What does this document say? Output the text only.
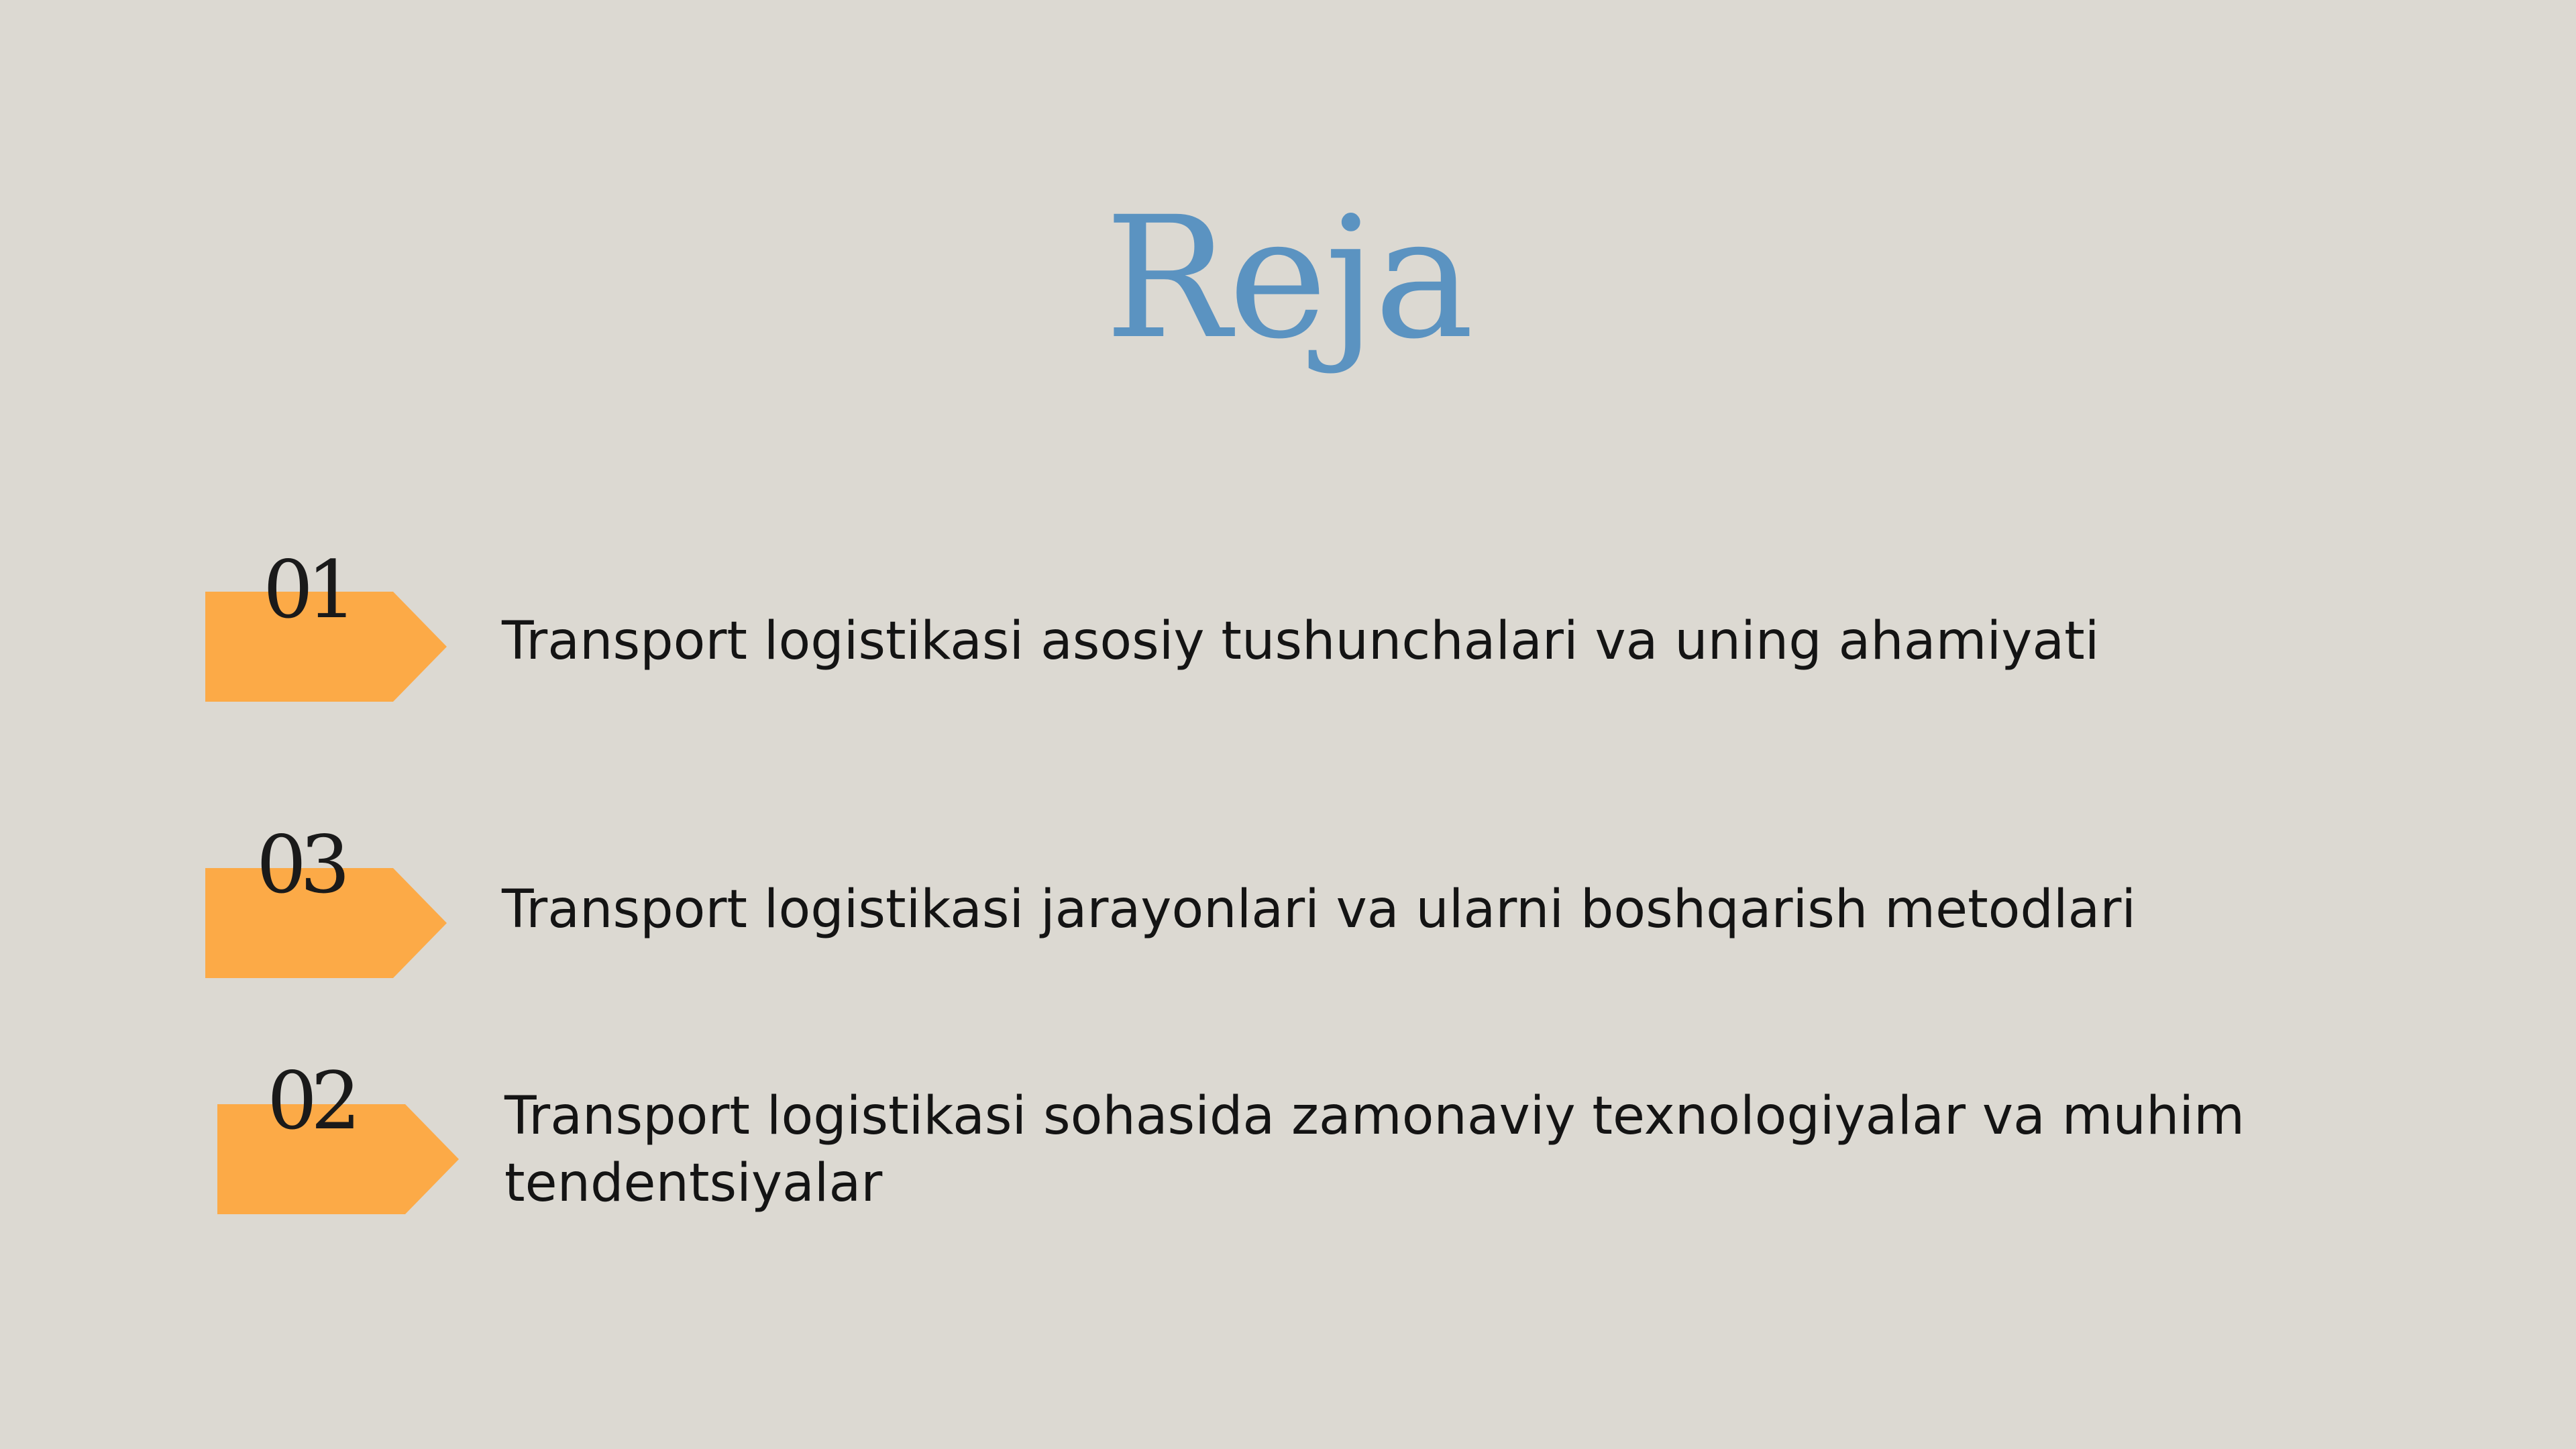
Reja
01
Transport logistikasi asosiy tushunchalari va uning ahamiyati
03	Transport logistikasi jarayonlari va ularni boshqarish metodlari
02	Transport logistikasi sohasida zamonaviy texnologiyalar va muhim
tendentsiyalar
